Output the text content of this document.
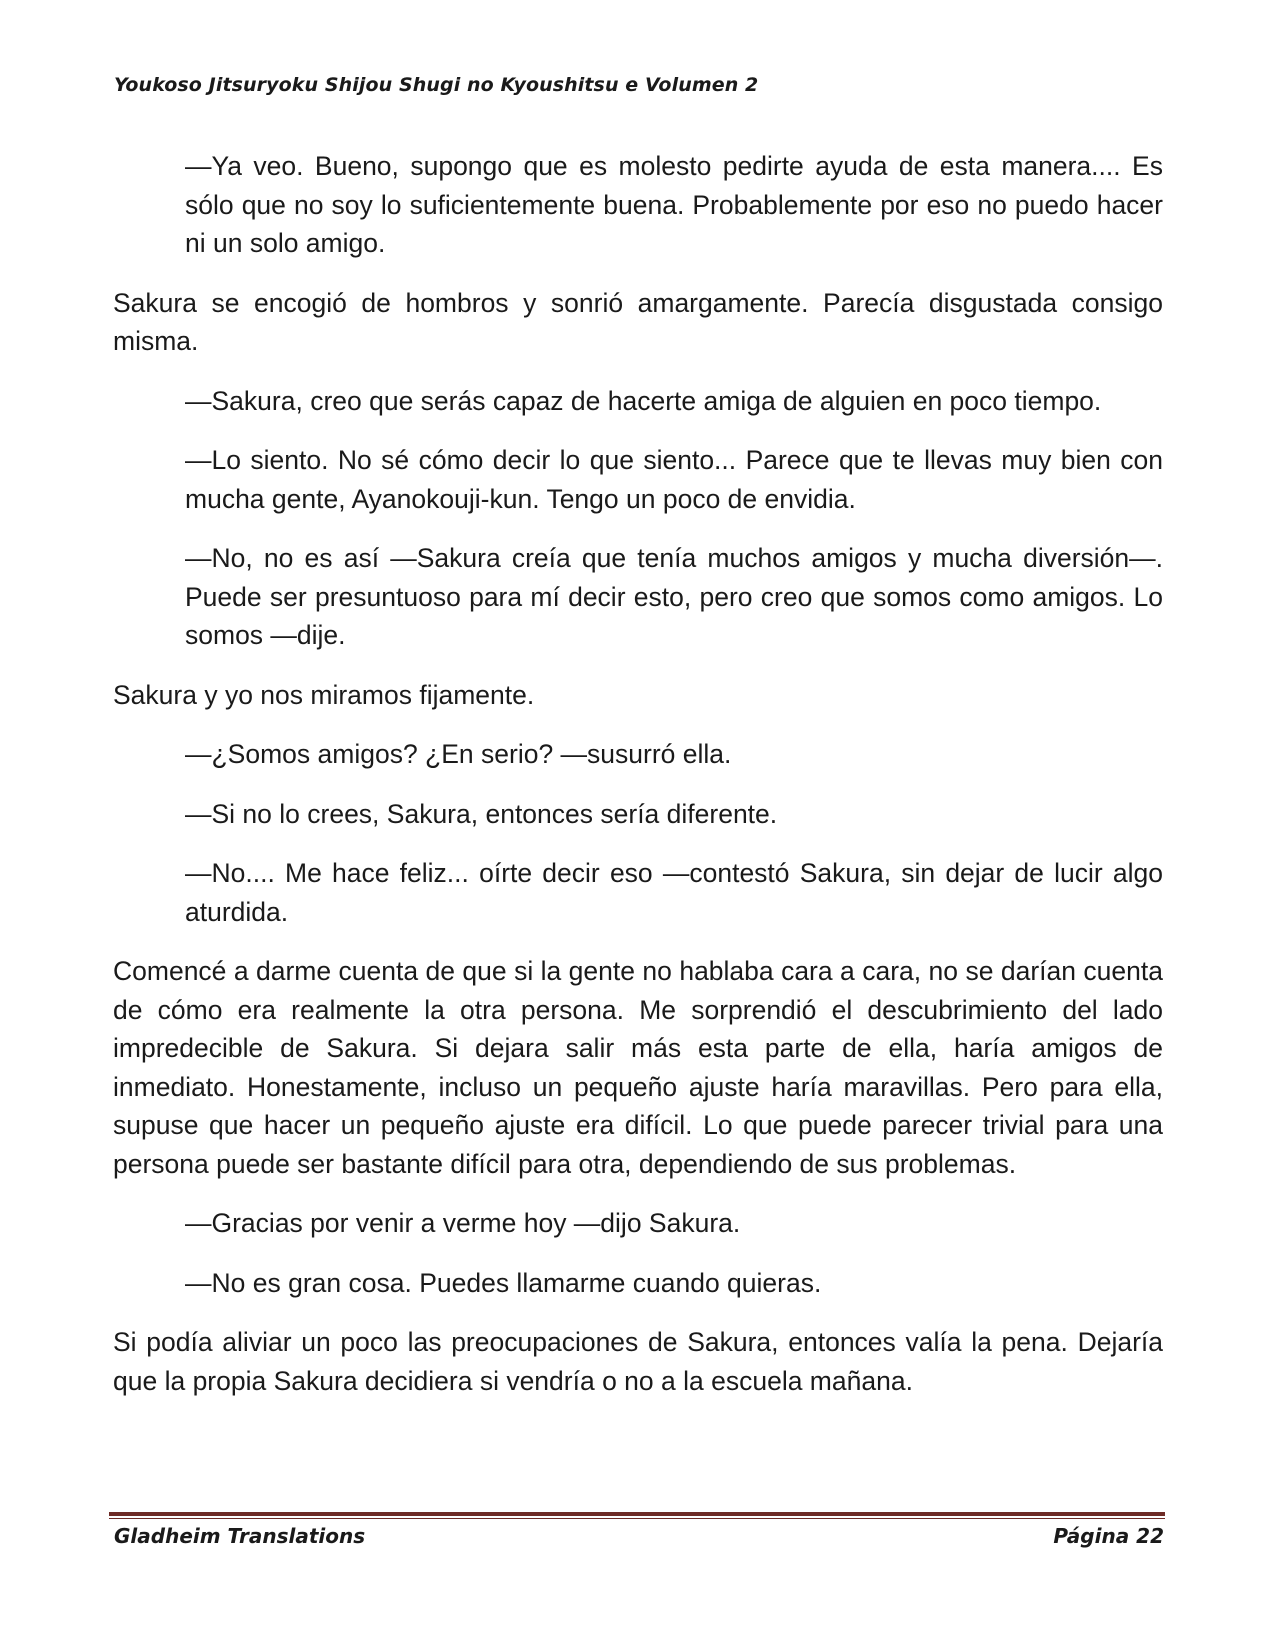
Youkoso Jitsuryoku Shijou Shugi no Kyoushitsu e Volumen 2

—Ya veo. Bueno, supongo que es molesto pedirte ayuda de esta manera.... Es sólo que no soy lo suficientemente buena. Probablemente por eso no puedo hacer ni un solo amigo.

Sakura se encogió de hombros y sonrió amargamente. Parecía disgustada consigo misma.

—Sakura, creo que serás capaz de hacerte amiga de alguien en poco tiempo.

—Lo siento. No sé cómo decir lo que siento... Parece que te llevas muy bien con mucha gente, Ayanokouji-kun. Tengo un poco de envidia.

—No, no es así —Sakura creía que tenía muchos amigos y mucha diversión—. Puede ser presuntuoso para mí decir esto, pero creo que somos como amigos. Lo somos —dije.

Sakura y yo nos miramos fijamente.

—¿Somos amigos? ¿En serio? —susurró ella.

—Si no lo crees, Sakura, entonces sería diferente.

—No.... Me hace feliz... oírte decir eso —contestó Sakura, sin dejar de lucir algo aturdida.

Comencé a darme cuenta de que si la gente no hablaba cara a cara, no se darían cuenta de cómo era realmente la otra persona. Me sorprendió el descubrimiento del lado impredecible de Sakura. Si dejara salir más esta parte de ella, haría amigos de inmediato. Honestamente, incluso un pequeño ajuste haría maravillas. Pero para ella, supuse que hacer un pequeño ajuste era difícil. Lo que puede parecer trivial para una persona puede ser bastante difícil para otra, dependiendo de sus problemas.

—Gracias por venir a verme hoy —dijo Sakura.

—No es gran cosa. Puedes llamarme cuando quieras.

Si podía aliviar un poco las preocupaciones de Sakura, entonces valía la pena. Dejaría que la propia Sakura decidiera si vendría o no a la escuela mañana.

Gladheim Translations	Página 22
